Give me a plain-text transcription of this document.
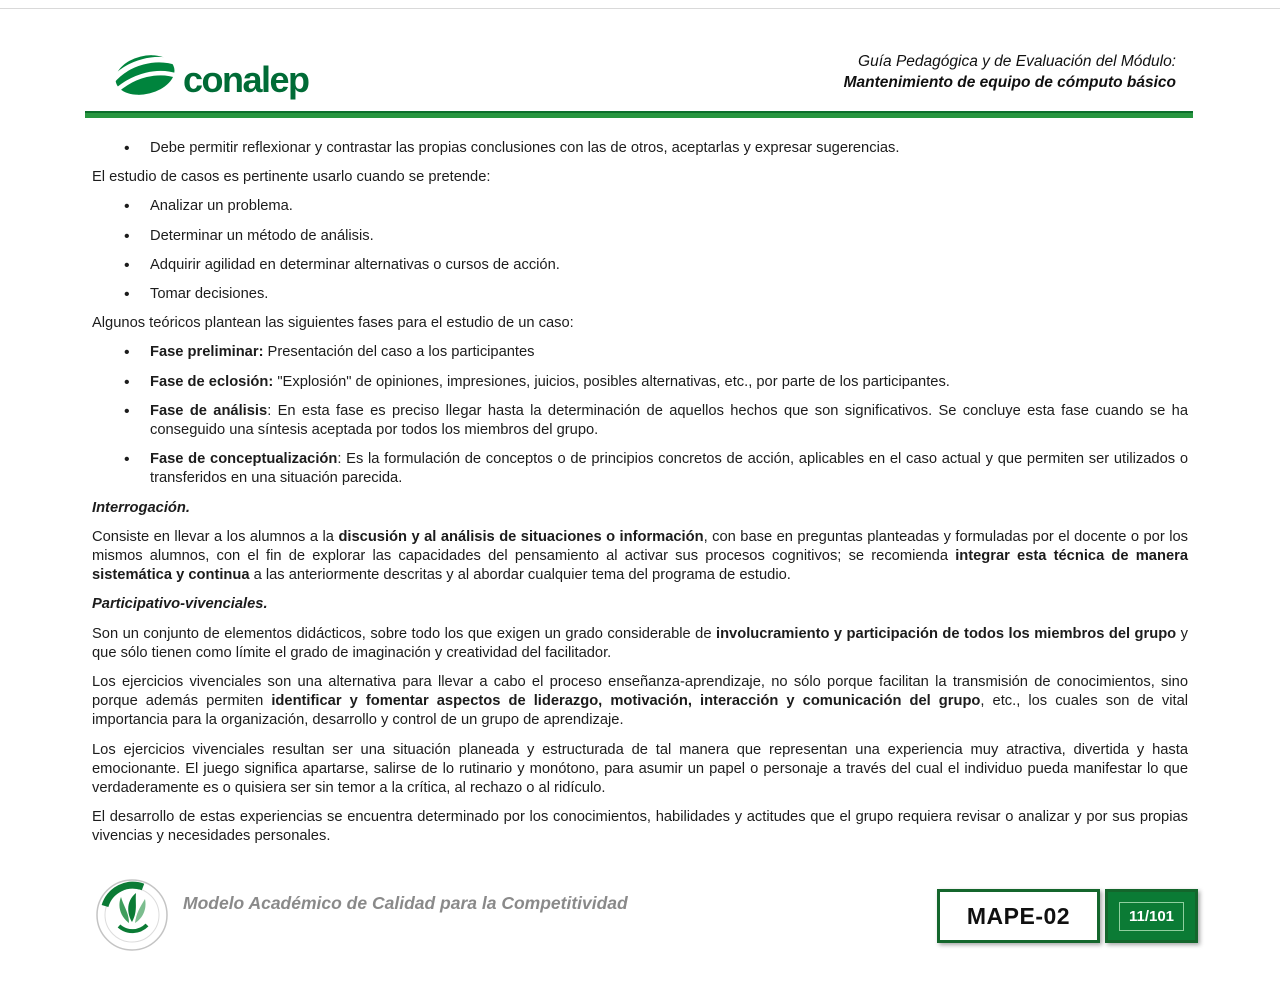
conalep	Guía Pedagógica y de Evaluación del Módulo:
Mantenimiento de equipo de cómputo básico
• Debe permitir reflexionar y contrastar las propias conclusiones con las de otros, aceptarlas y expresar sugerencias.

El estudio de casos es pertinente usarlo cuando se pretende:

• Analizar un problema.
• Determinar un método de análisis.
• Adquirir agilidad en determinar alternativas o cursos de acción.
• Tomar decisiones.

Algunos teóricos plantean las siguientes fases para el estudio de un caso:

• Fase preliminar: Presentación del caso a los participantes
• Fase de eclosión: "Explosión" de opiniones, impresiones, juicios, posibles alternativas, etc., por parte de los participantes.
• Fase de análisis: En esta fase es preciso llegar hasta la determinación de aquellos hechos que son significativos. Se concluye esta fase cuando se ha conseguido una síntesis aceptada por todos los miembros del grupo.
• Fase de conceptualización: Es la formulación de conceptos o de principios concretos de acción, aplicables en el caso actual y que permiten ser utilizados o transferidos en una situación parecida.
Interrogación.

Consiste en llevar a los alumnos a la discusión y al análisis de situaciones o información, con base en preguntas planteadas y formuladas por el docente o por los mismos alumnos, con el fin de explorar las capacidades del pensamiento al activar sus procesos cognitivos; se recomienda integrar esta técnica de manera sistemática y continua a las anteriormente descritas y al abordar cualquier tema del programa de estudio.

Participativo-vivenciales.

Son un conjunto de elementos didácticos, sobre todo los que exigen un grado considerable de involucramiento y participación de todos los miembros del grupo y que sólo tienen como límite el grado de imaginación y creatividad del facilitador.

Los ejercicios vivenciales son una alternativa para llevar a cabo el proceso enseñanza-aprendizaje, no sólo porque facilitan la transmisión de conocimientos, sino porque además permiten identificar y fomentar aspectos de liderazgo, motivación, interacción y comunicación del grupo, etc., los cuales son de vital importancia para la organización, desarrollo y control de un grupo de aprendizaje.

Los ejercicios vivenciales resultan ser una situación planeada y estructurada de tal manera que representan una experiencia muy atractiva, divertida y hasta emocionante. El juego significa apartarse, salirse de lo rutinario y monótono, para asumir un papel o personaje a través del cual el individuo pueda manifestar lo que verdaderamente es o quisiera ser sin temor a la crítica, al rechazo o al ridículo.

El desarrollo de estas experiencias se encuentra determinado por los conocimientos, habilidades y actitudes que el grupo requiera revisar o analizar y por sus propias vivencias y necesidades personales.

Modelo Académico de Calidad para la Competitividad	MAPE-02	11/101
